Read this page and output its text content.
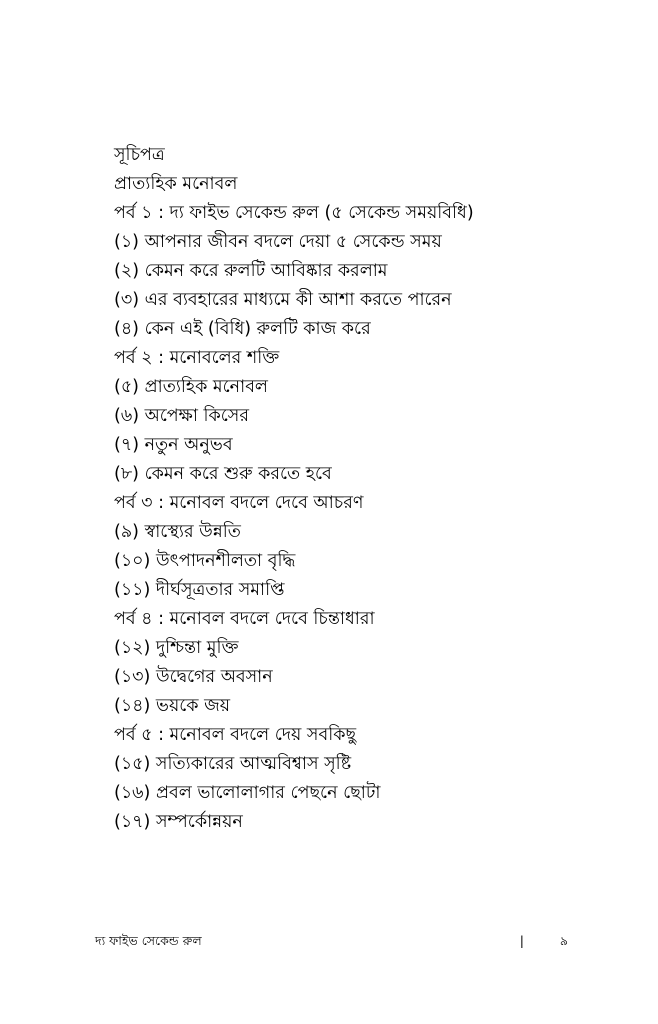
সূচিপত্র
প্রাত্যহিক মনোবল
পর্ব ১ : দ্য ফাইভ সেকেন্ড রুল (৫ সেকেন্ড সময়বিধি)
(১) আপনার জীবন বদলে দেয়া ৫ সেকেন্ড সময়
(২) কেমন করে রুলটি আবিষ্কার করলাম
(৩) এর ব্যবহারের মাধ্যমে কী আশা করতে পারেন
(৪) কেন এই (বিধি) রুলটি কাজ করে
পর্ব ২ : মনোবলের শক্তি
(৫) প্রাত্যহিক মনোবল
(৬) অপেক্ষা কিসের
(৭) নতুন অনুভব
(৮) কেমন করে শুরু করতে হবে
পর্ব ৩ : মনোবল বদলে দেবে আচরণ
(৯) স্বাস্থ্যের উন্নতি
(১০) উৎপাদনশীলতা বৃদ্ধি
(১১) দীর্ঘসূত্রতার সমাপ্তি
পর্ব ৪ : মনোবল বদলে দেবে চিন্তাধারা
(১২) দুশ্চিন্তা মুক্তি
(১৩) উদ্বেগের অবসান
(১৪) ভয়কে জয়
পর্ব ৫ : মনোবল বদলে দেয় সবকিছু
(১৫) সত্যিকারের আত্মবিশ্বাস সৃষ্টি
(১৬) প্রবল ভালোলাগার পেছনে ছোটা
(১৭) সম্পর্কোন্নয়ন
দ্য ফাইভ সেকেন্ড রুল	|	৯
